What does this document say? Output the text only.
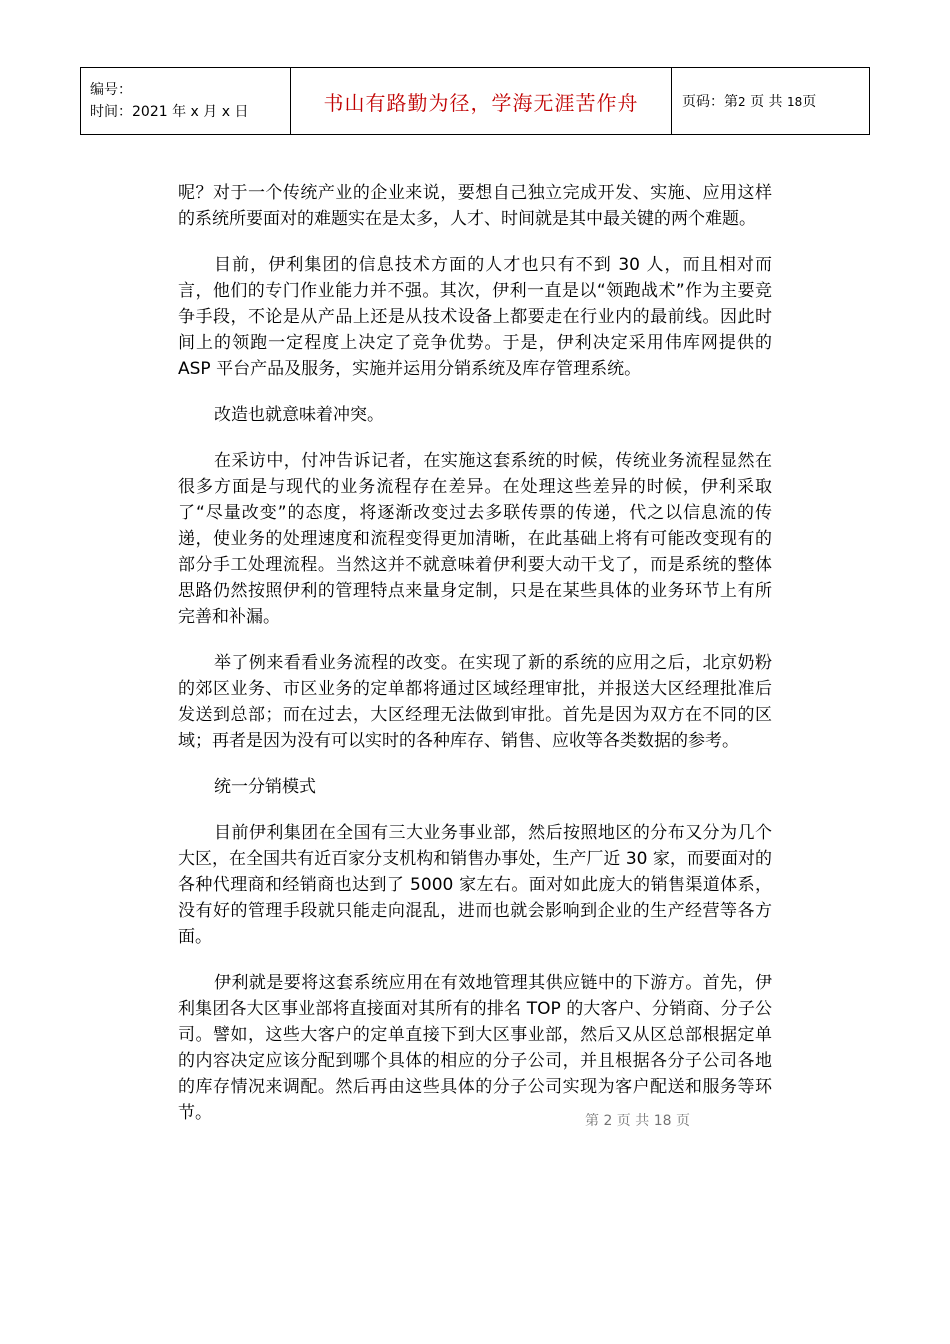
编号：
时间：2021 年 x 月 x 日	书山有路勤为径，学海无涯苦作舟	页码：第2 页 共 18页

呢？对于一个传统产业的企业来说，要想自己独立完成开发、实施、应用这样的系统所要面对的难题实在是太多，人才、时间就是其中最关键的两个难题。

目前，伊利集团的信息技术方面的人才也只有不到 30 人，而且相对而言，他们的专门作业能力并不强。其次，伊利一直是以“领跑战术”作为主要竞争手段，不论是从产品上还是从技术设备上都要走在行业内的最前线。因此时间上的领跑一定程度上决定了竞争优势。于是，伊利决定采用伟库网提供的 ASP 平台产品及服务，实施并运用分销系统及库存管理系统。

改造也就意味着冲突。

在采访中，付冲告诉记者，在实施这套系统的时候，传统业务流程显然在很多方面是与现代的业务流程存在差异。在处理这些差异的时候，伊利采取了“尽量改变”的态度，将逐渐改变过去多联传票的传递，代之以信息流的传递，使业务的处理速度和流程变得更加清晰，在此基础上将有可能改变现有的部分手工处理流程。当然这并不就意味着伊利要大动干戈了，而是系统的整体思路仍然按照伊利的管理特点来量身定制，只是在某些具体的业务环节上有所完善和补漏。

举了例来看看业务流程的改变。在实现了新的系统的应用之后，北京奶粉的郊区业务、市区业务的定单都将通过区域经理审批，并报送大区经理批准后发送到总部；而在过去，大区经理无法做到审批。首先是因为双方在不同的区域；再者是因为没有可以实时的各种库存、销售、应收等各类数据的参考。

统一分销模式

目前伊利集团在全国有三大业务事业部，然后按照地区的分布又分为几个大区，在全国共有近百家分支机构和销售办事处，生产厂近 30 家，而要面对的各种代理商和经销商也达到了 5000 家左右。面对如此庞大的销售渠道体系，没有好的管理手段就只能走向混乱，进而也就会影响到企业的生产经营等各方面。

伊利就是要将这套系统应用在有效地管理其供应链中的下游方。首先，伊利集团各大区事业部将直接面对其所有的排名 TOP 的大客户、分销商、分子公司。譬如，这些大客户的定单直接下到大区事业部，然后又从区总部根据定单的内容决定应该分配到哪个具体的相应的分子公司，并且根据各分子公司各地的库存情况来调配。然后再由这些具体的分子公司实现为客户配送和服务等环节。	第 2 页 共 18 页
